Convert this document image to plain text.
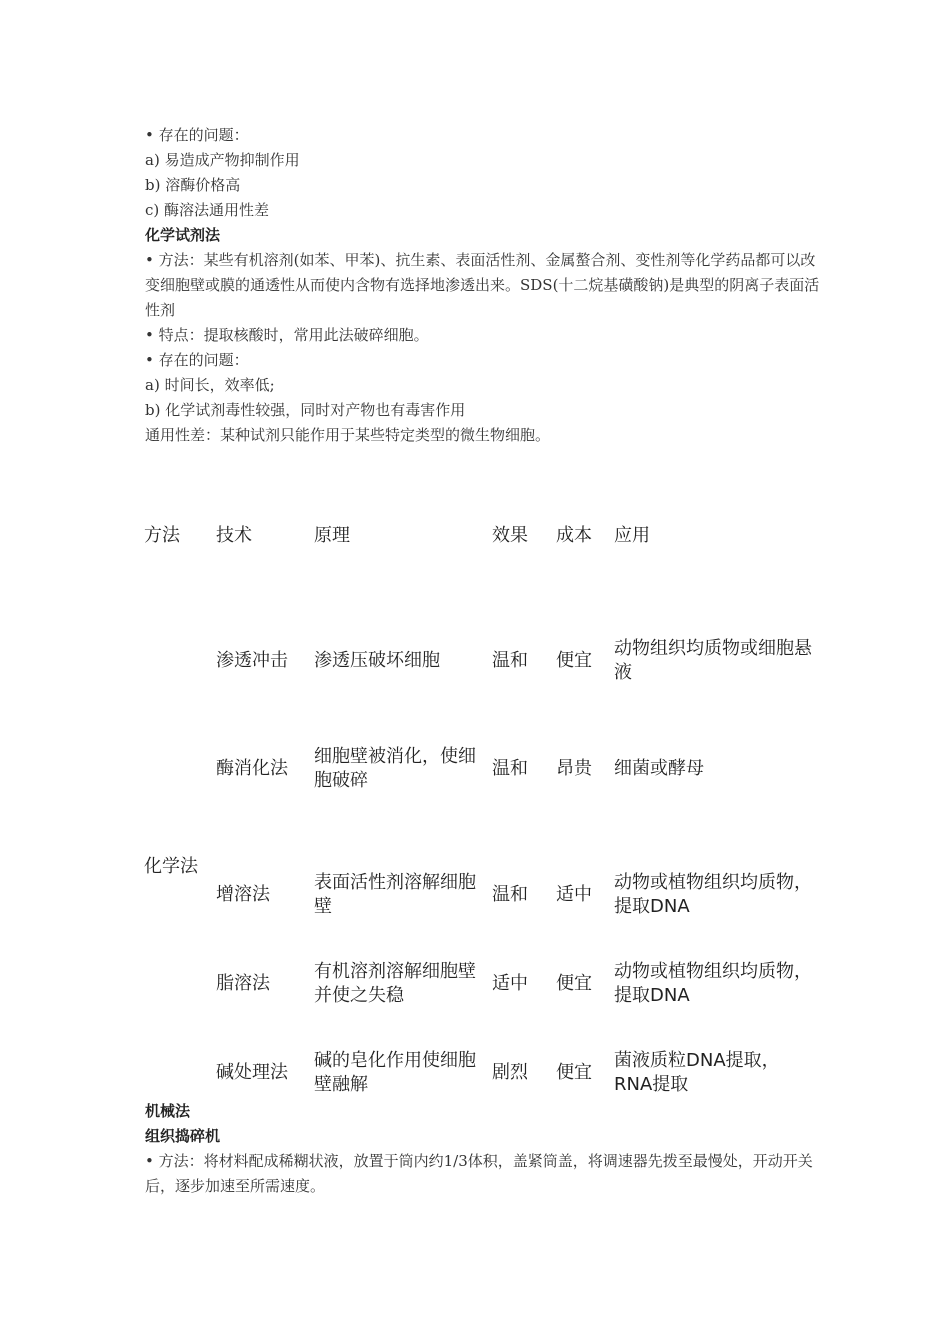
• 存在的问题：
a) 易造成产物抑制作用
b) 溶酶价格高
c) 酶溶法通用性差
化学试剂法
• 方法：某些有机溶剂(如苯、甲苯)、抗生素、表面活性剂、金属螯合剂、变性剂等化学药品都可以改变细胞壁或膜的通透性从而使内含物有选择地渗透出来。SDS(十二烷基磺酸钠)是典型的阴离子表面活性剂
• 特点：提取核酸时，常用此法破碎细胞。
• 存在的问题：
a) 时间长，效率低;
b) 化学试剂毒性较强，同时对产物也有毒害作用
通用性差：某种试剂只能作用于某些特定类型的微生物细胞。
方法	技术	原理	效果	成本	应用

化学法	渗透冲击	渗透压破坏细胞	温和	便宜	动物组织均质物或细胞悬液

	酶消化法	细胞壁被消化，使细胞破碎	温和	昂贵	细菌或酵母

	增溶法	表面活性剂溶解细胞壁	温和	适中	动物或植物组织均质物，提取DNA

	脂溶法	有机溶剂溶解细胞壁并使之失稳	适中	便宜	动物或植物组织均质物，提取DNA

	碱处理法	碱的皂化作用使细胞壁融解	剧烈	便宜	菌液质粒DNA提取，RNA提取
机械法
组织捣碎机
• 方法：将材料配成稀糊状液，放置于筒内约1/3体积，盖紧筒盖，将调速器先拨至最慢处，开动开关后，逐步加速至所需速度。
